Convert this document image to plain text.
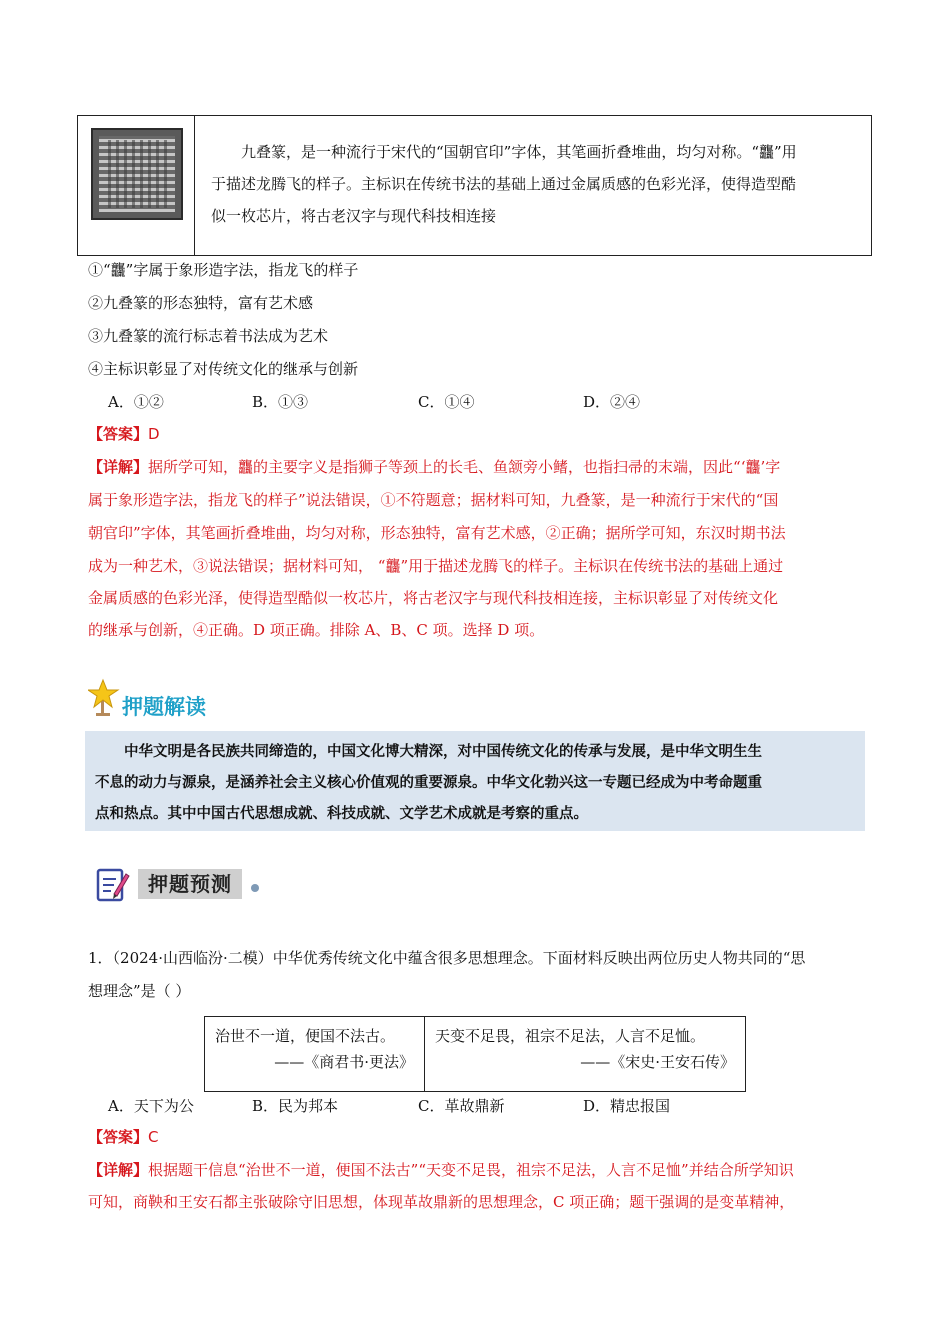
九叠篆，是一种流行于宋代的“国朝官印”字体，其笔画折叠堆曲，均匀对称。“龘”用

于描述龙腾飞的样子。主标识在传统书法的基础上通过金属质感的色彩光泽，使得造型酷
似一枚芯片，将古老汉字与现代科技相连接
①“龘”字属于象形造字法，指龙飞的样子
②九叠篆的形态独特，富有艺术感
③九叠篆的流行标志着书法成为艺术
④主标识彰显了对传统文化的继承与创新
A．①②	B．①③	C．①④	D．②④
【答案】D
【详解】据所学可知，龘的主要字义是指狮子等颈上的长毛、鱼颔旁小鳍，也指扫帚的末端，因此“‘龘’字
属于象形造字法，指龙飞的样子”说法错误，①不符题意；据材料可知，九叠篆，是一种流行于宋代的“国
朝官印”字体，其笔画折叠堆曲，均匀对称，形态独特，富有艺术感，②正确；据所学可知，东汉时期书法
成为一种艺术，③说法错误；据材料可知， “龘”用于描述龙腾飞的样子。主标识在传统书法的基础上通过
金属质感的色彩光泽，使得造型酷似一枚芯片，将古老汉字与现代科技相连接，主标识彰显了对传统文化
的继承与创新，④正确。D 项正确。排除 A、B、C 项。选择 D 项。
押题解读

中华文明是各民族共同缔造的，中国文化博大精深，对中国传统文化的传承与发展，是中华文明生生

不息的动力与源泉，是涵养社会主义核心价值观的重要源泉。中华文化勃兴这一专题已经成为中考命题重
点和热点。其中中国古代思想成就、科技成就、文学艺术成就是考察的重点。
押题预测
1．（2024·山西临汾·二模）中华优秀传统文化中蕴含很多思想理念。下面材料反映出两位历史人物共同的“思
想理念”是（ ）
治世不一道，便国不法古。
——《商君书·更法》
天变不足畏，祖宗不足法，人言不足恤。
——《宋史·王安石传》
A．天下为公	B．民为邦本	C．革故鼎新	D．精忠报国
【答案】C
【详解】根据题干信息“治世不一道，便国不法古”“天变不足畏，祖宗不足法，人言不足恤”并结合所学知识
可知，商鞅和王安石都主张破除守旧思想，体现革故鼎新的思想理念，C 项正确；题干强调的是变革精神，
